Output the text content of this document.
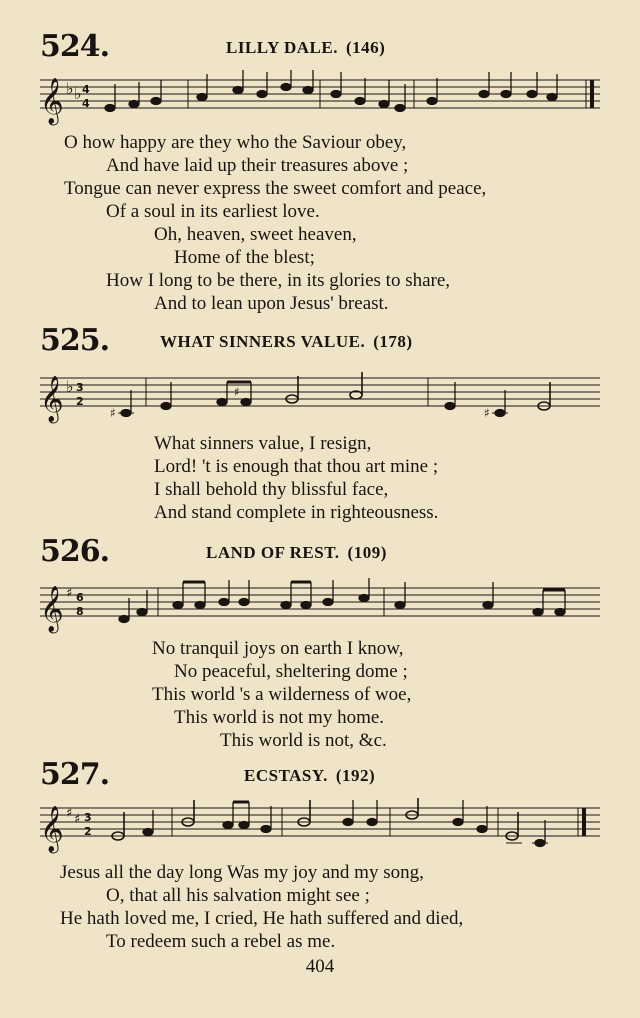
524.	LILLY DALE. (146)
𝄞 ♭ ♭ 4
4
O how happy are they who the Saviour obey,
And have laid up their treasures above ;
Tongue can never express the sweet comfort and peace,
Of a soul in its earliest love.
Oh, heaven, sweet heaven,
Home of the blest;
How I long to be there, in its glories to share,
And to lean upon Jesus' breast.
525.	WHAT SINNERS VALUE. (178)
𝄞 ♭ 3
2
♯	♯
♯
What sinners value, I resign,
Lord! 't is enough that thou art mine ;
I shall behold thy blissful face,
And stand complete in righteousness.
526.	LAND OF REST. (109)
𝄞 ♯ 6
8
No tranquil joys on earth I know,
No peaceful, sheltering dome ;
This world 's a wilderness of woe,
This world is not my home.
This world is not, &c.
527.	ECSTASY. (192)
𝄞 ♯ ♯ 3
2
Jesus all the day long Was my joy and my song,
O, that all his salvation might see ;
He hath loved me, I cried, He hath suffered and died,
To redeem such a rebel as me.
404
